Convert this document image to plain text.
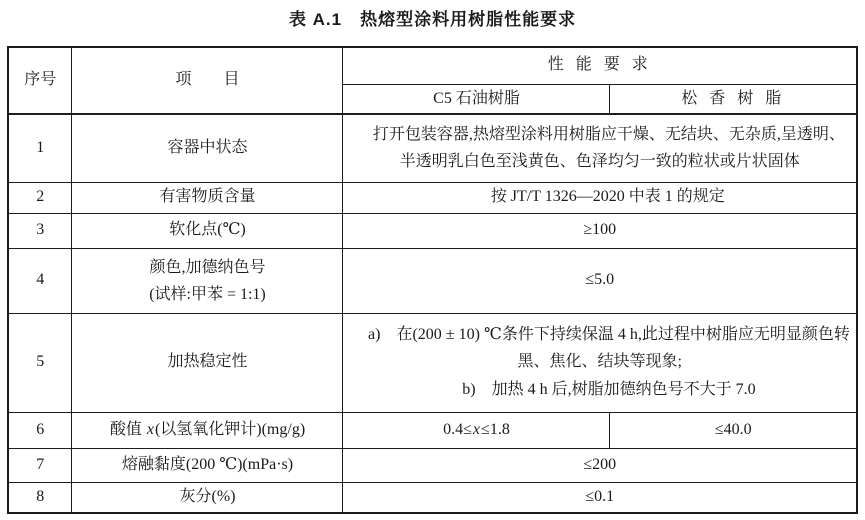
表 A.1　热熔型涂料用树脂性能要求
序号	项　　目	性 能 要 求	
		C5 石油树脂	松 香 树 脂
1	容器中状态	打开包装容器,热熔型涂料用树脂应干燥、无结块、无杂质,呈透明、半透明乳白色至浅黄色、色泽均匀一致的粒状或片状固体	

2	有害物质含量	按 JT/T 1326—2020 中表 1 的规定	
3	软化点(℃)	≥100	
4	颜色,加德纳色号
(试样:甲苯 = 1:1)	≤5.0	
5	加热稳定性	a)　在(200 ± 10) ℃条件下持续保温 4 h,此过程中树脂应无明显颜色转黑、焦化、结块等现象;

b)　加热 4 h 后,树脂加德纳色号不大于 7.0	

6	酸值 x(以氢氧化钾计)(mg/g)	0.4≤x≤1.8	≤40.0
7	熔融黏度(200 ℃)(mPa·s)	≤200	
8	灰分(%)	≤0.1	
